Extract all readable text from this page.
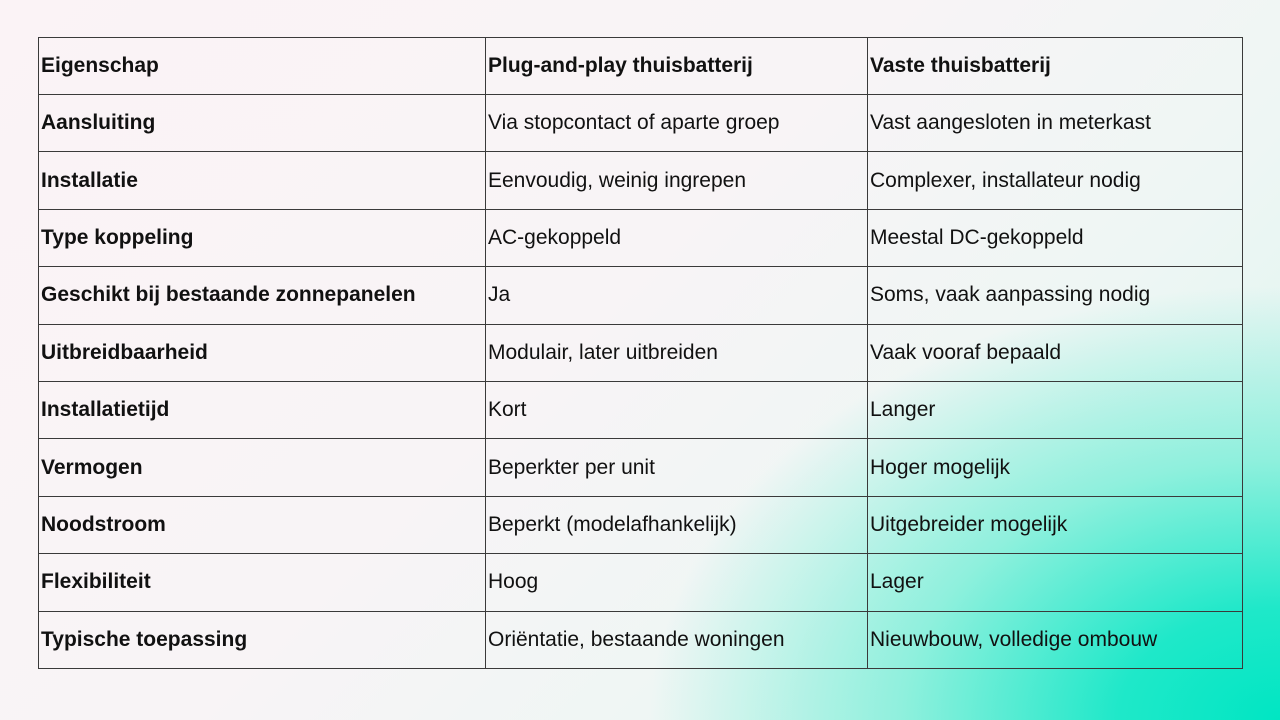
Eigenschap	Plug-and-play thuisbatterij	Vaste thuisbatterij
Aansluiting	Via stopcontact of aparte groep	Vast aangesloten in meterkast
Installatie	Eenvoudig, weinig ingrepen	Complexer, installateur nodig
Type koppeling	AC-gekoppeld	Meestal DC-gekoppeld
Geschikt bij bestaande zonnepanelen	Ja	Soms, vaak aanpassing nodig
Uitbreidbaarheid	Modulair, later uitbreiden	Vaak vooraf bepaald
Installatietijd	Kort	Langer
Vermogen	Beperkter per unit	Hoger mogelijk
Noodstroom	Beperkt (modelafhankelijk)	Uitgebreider mogelijk
Flexibiliteit	Hoog	Lager
Typische toepassing	Oriëntatie, bestaande woningen	Nieuwbouw, volledige ombouw
